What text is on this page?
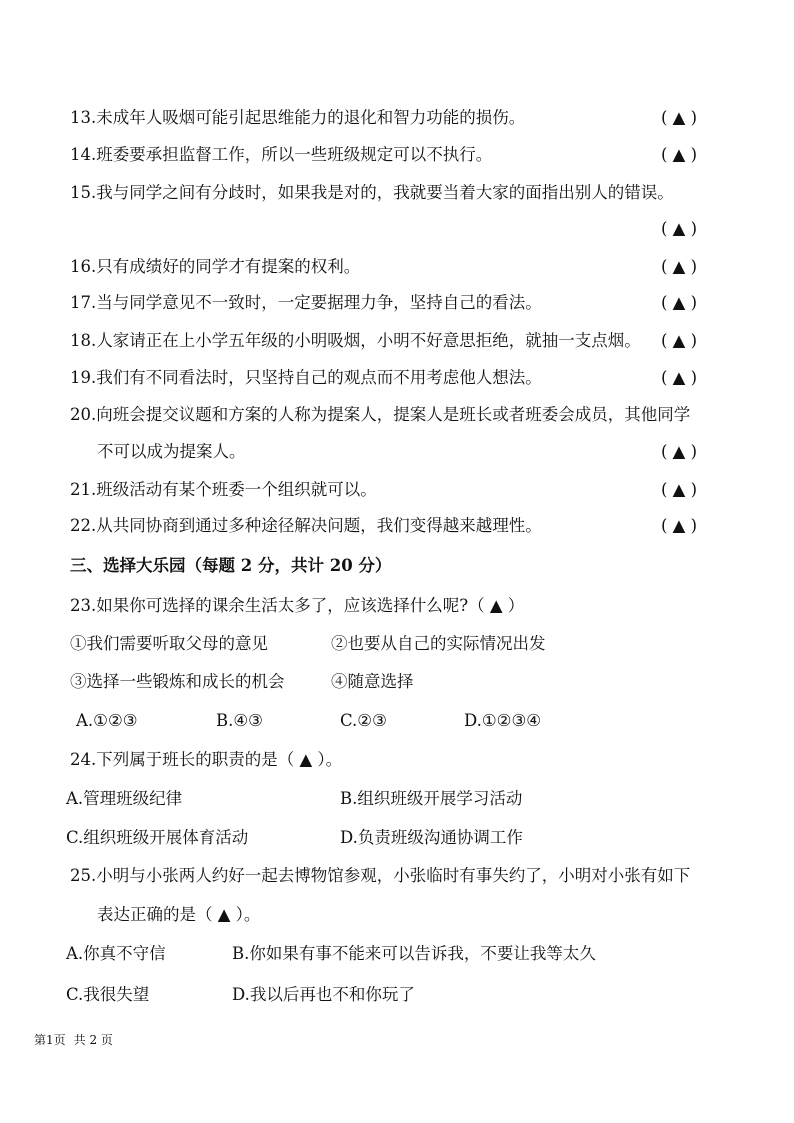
13.未成年人吸烟可能引起思维能力的退化和智力功能的损伤。	( ▲ )
14.班委要承担监督工作，所以一些班级规定可以不执行。	( ▲ )
15.我与同学之间有分歧时，如果我是对的，我就要当着大家的面指出别人的错误。
( ▲ )
16.只有成绩好的同学才有提案的权利。	( ▲ )
17.当与同学意见不一致时，一定要据理力争，坚持自己的看法。	( ▲ )
18.人家请正在上小学五年级的小明吸烟，小明不好意思拒绝，就抽一支点烟。	( ▲ )
19.我们有不同看法时，只坚持自己的观点而不用考虑他人想法。	( ▲ )
20.向班会提交议题和方案的人称为提案人，提案人是班长或者班委会成员，其他同学
不可以成为提案人。	( ▲ )
21.班级活动有某个班委一个组织就可以。	( ▲ )
22.从共同协商到通过多种途径解决问题，我们变得越来越理性。	( ▲ )
三、选择大乐园（每题 2 分，共计 20 分）
23.如果你可选择的课余生活太多了，应该选择什么呢?（ ▲ ）
①我们需要听取父母的意见	②也要从自己的实际情况出发
③选择一些锻炼和成长的机会	④随意选择
A.①②③	B.④③	C.②③	D.①②③④
24.下列属于班长的职责的是（ ▲ ）。
A.管理班级纪律	B.组织班级开展学习活动
C.组织班级开展体育活动	D.负责班级沟通协调工作
25.小明与小张两人约好一起去博物馆参观，小张临时有事失约了，小明对小张有如下
表达正确的是（ ▲ ）。
A.你真不守信	B.你如果有事不能来可以告诉我，不要让我等太久
C.我很失望	D.我以后再也不和你玩了
第1页 共 2 页
